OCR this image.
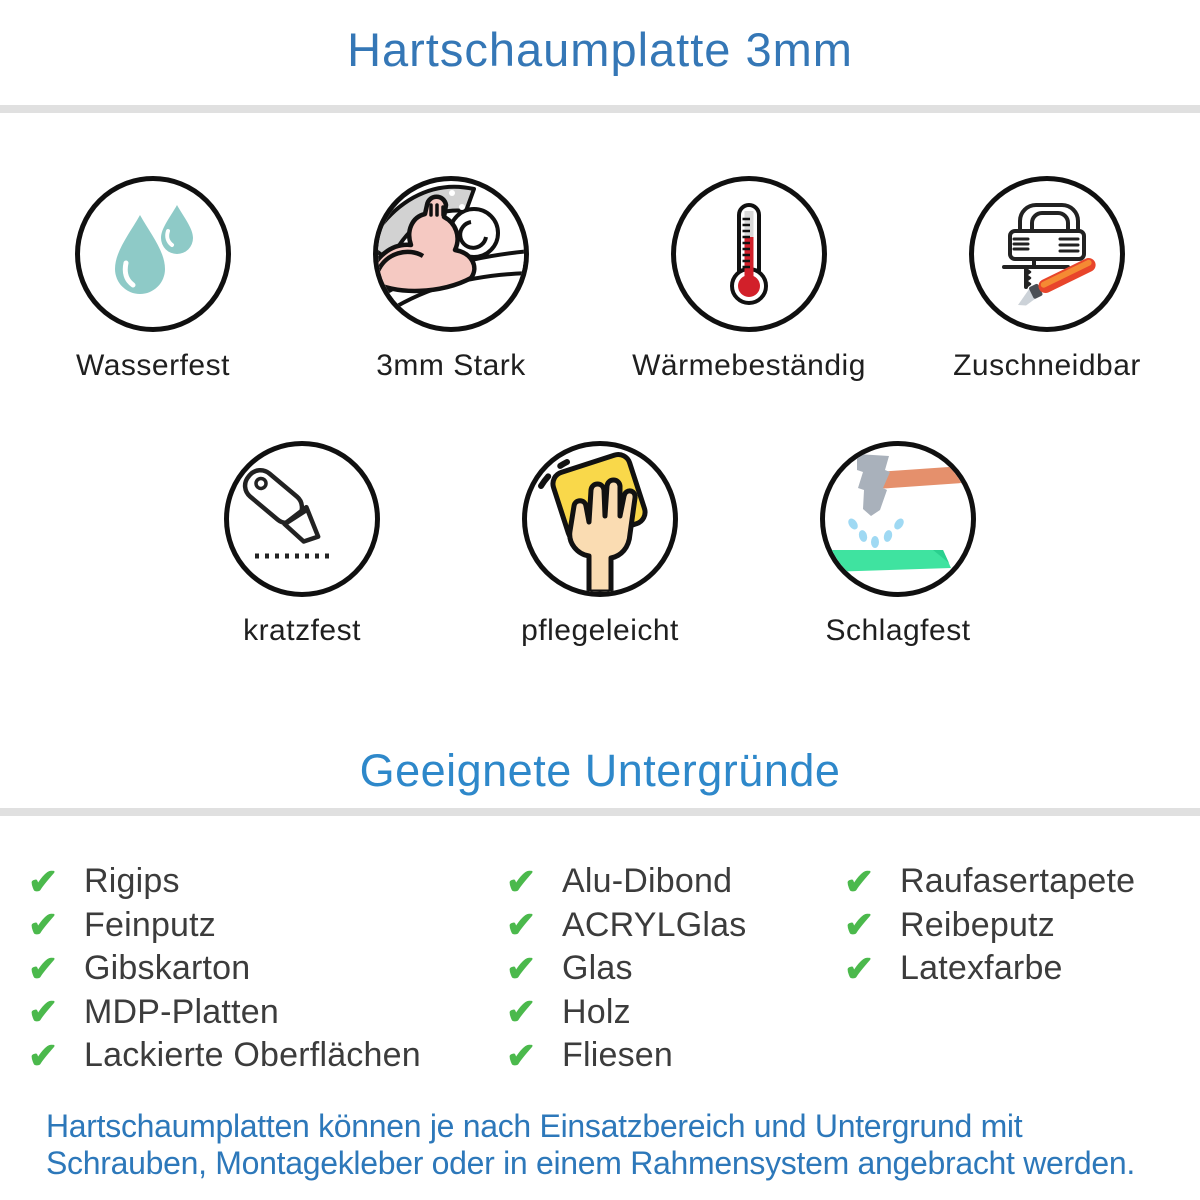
Hartschaumplatte 3mm
Wasserfest	3mm Stark	Wärmebeständig	Zuschneidbar
kratzfest	pflegeleicht	Schlagfest
Geeignete Untergründe
✔ Rigips
✔ Feinputz
✔ Gibskarton
✔ MDP-Platten
✔ Lackierte Oberflächen
✔ Alu-Dibond
✔ ACRYLGlas
✔ Glas
✔ Holz
✔ Fliesen
✔ Raufasertapete
✔ Reibeputz
✔ Latexfarbe
Hartschaumplatten können je nach Einsatzbereich und Untergrund mit
Schrauben, Montagekleber oder in einem Rahmensystem angebracht werden.
